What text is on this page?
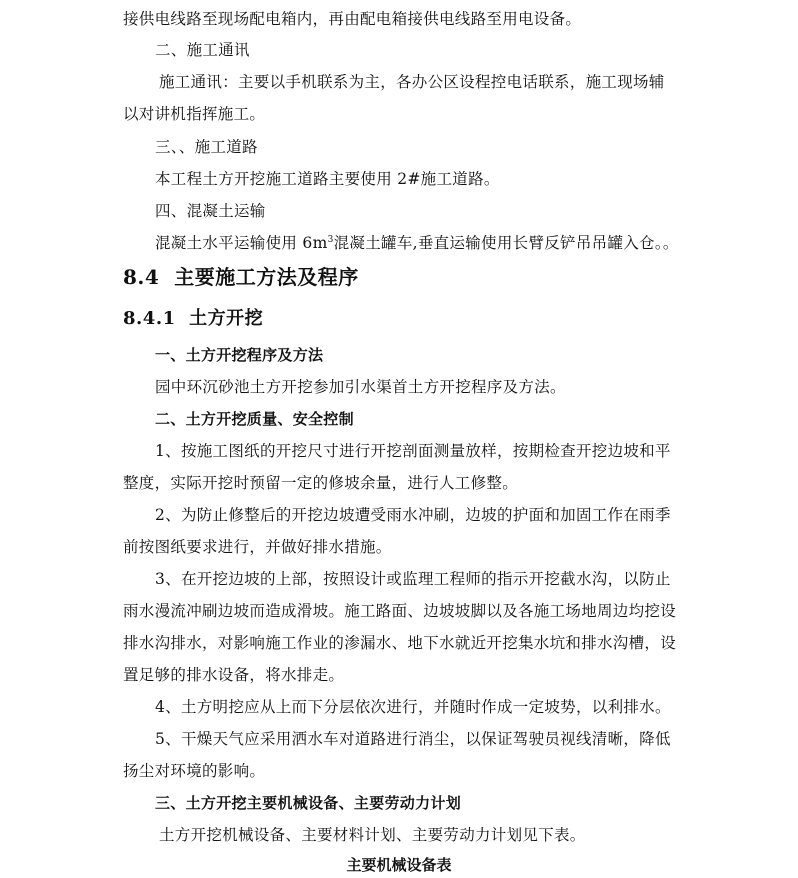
接供电线路至现场配电箱内，再由配电箱接供电线路至用电设备。
二、施工通讯
施工通讯：主要以手机联系为主，各办公区设程控电话联系，施工现场辅
以对讲机指挥施工。
三、、施工道路
本工程土方开挖施工道路主要使用 2#施工道路。
四、混凝土运输
混凝土水平运输使用 $6m^3$混凝土罐车,垂直运输使用长臂反铲吊吊罐入仓。。
8.4 主要施工方法及程序
8.4.1 土方开挖
一、土方开挖程序及方法
园中环沉砂池土方开挖参加引水渠首土方开挖程序及方法。
二、土方开挖质量、安全控制
1、按施工图纸的开挖尺寸进行开挖剖面测量放样，按期检查开挖边坡和平
整度，实际开挖时预留一定的修坡余量，进行人工修整。
2、为防止修整后的开挖边坡遭受雨水冲刷，边坡的护面和加固工作在雨季
前按图纸要求进行，并做好排水措施。
3、在开挖边坡的上部，按照设计或监理工程师的指示开挖截水沟，以防止
雨水漫流冲刷边坡而造成滑坡。施工路面、边坡坡脚以及各施工场地周边均挖设
排水沟排水，对影响施工作业的渗漏水、地下水就近开挖集水坑和排水沟槽，设
置足够的排水设备，将水排走。
4、土方明挖应从上而下分层依次进行，并随时作成一定坡势，以利排水。
5、干燥天气应采用洒水车对道路进行消尘，以保证驾驶员视线清晰，降低
扬尘对环境的影响。
三、土方开挖主要机械设备、主要劳动力计划
土方开挖机械设备、主要材料计划、主要劳动力计划见下表。
主要机械设备表
